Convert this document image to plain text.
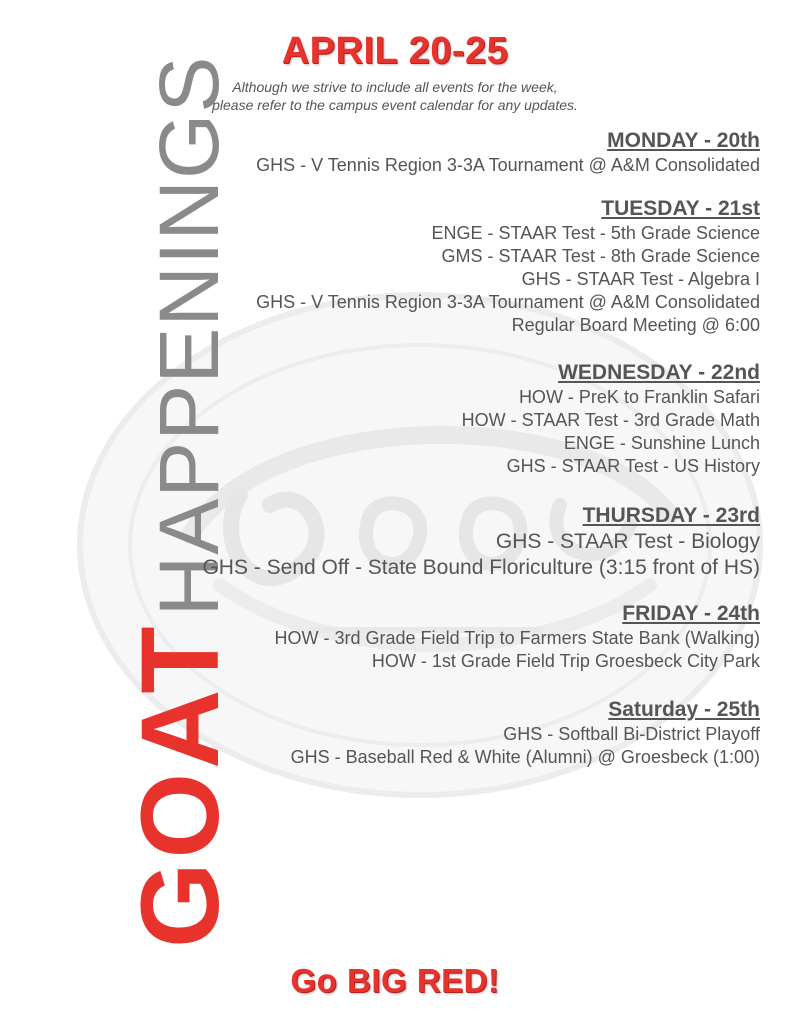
GOATHAPPENINGS
APRIL 20-25
Although we strive to include all events for the week,
please refer to the campus event calendar for any updates.
MONDAY - 20th
GHS - V Tennis Region 3-3A Tournament @ A&M Consolidated
TUESDAY - 21st
ENGE - STAAR Test - 5th Grade Science
GMS - STAAR Test - 8th Grade Science
GHS - STAAR Test - Algebra I
GHS - V Tennis Region 3-3A Tournament @ A&M Consolidated
Regular Board Meeting @ 6:00
WEDNESDAY - 22nd
HOW - PreK to Franklin Safari
HOW - STAAR Test - 3rd Grade Math
ENGE - Sunshine Lunch
GHS - STAAR Test - US History
THURSDAY - 23rd
GHS - STAAR Test - Biology
GHS - Send Off - State Bound Floriculture (3:15 front of HS)
FRIDAY - 24th
HOW - 3rd Grade Field Trip to Farmers State Bank (Walking)
HOW - 1st Grade Field Trip Groesbeck City Park
Saturday - 25th
GHS - Softball Bi-District Playoff
GHS - Baseball Red & White (Alumni) @ Groesbeck (1:00)
Go BIG RED!
